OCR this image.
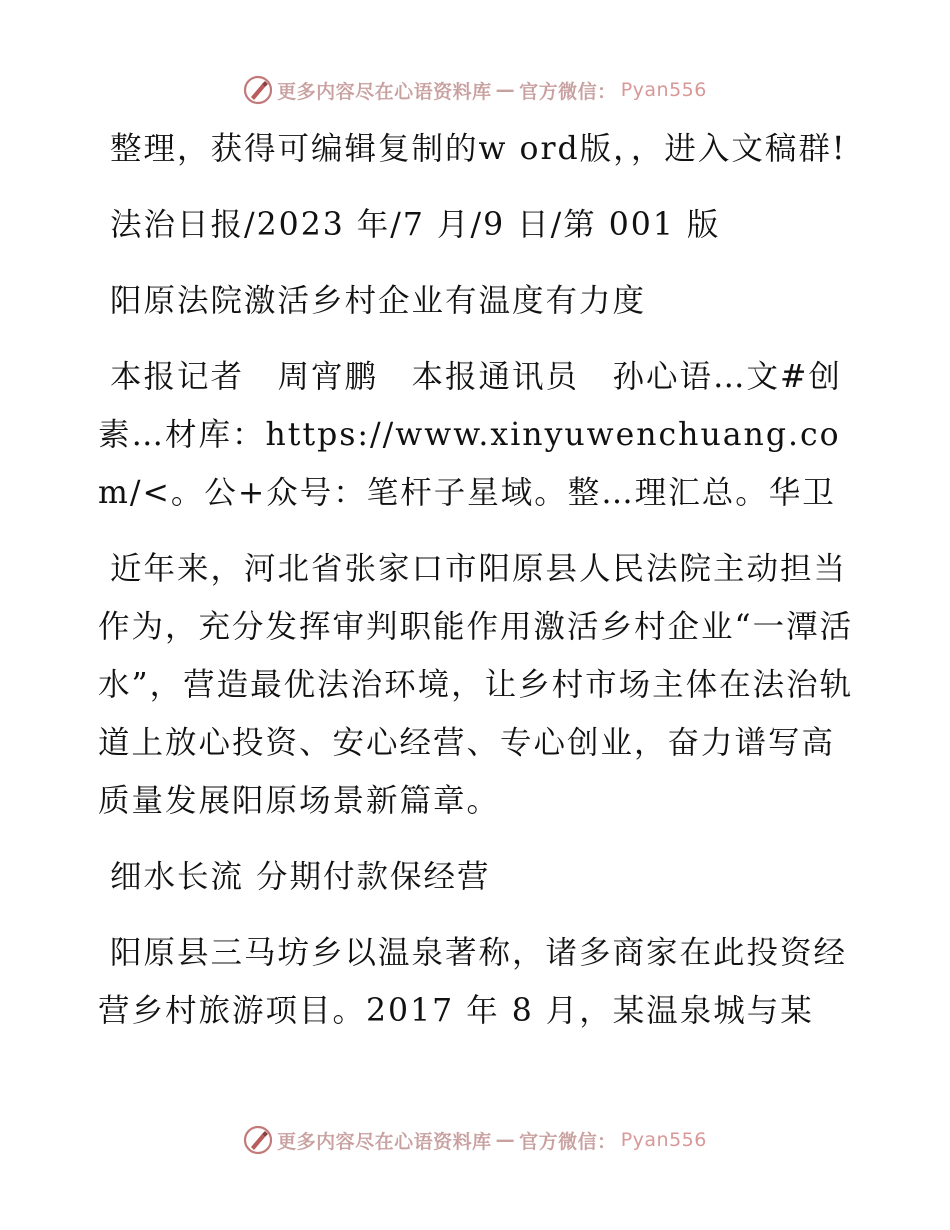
更多内容尽在心语资料库 — 官方微信： Pyan556

整理，获得可编辑复制的w ord版，，进入文稿群!

法治日报/2023 年/7 月/9 日/第 001 版

阳原法院激活乡村企业有温度有力度

本报记者　周宵鹏　本报通讯员　孙心语…文#创素…材库：https://www.xinyuwenchuang.com/<。公+众号：笔杆子星域。整…理汇总。华卫

近年来，河北省张家口市阳原县人民法院主动担当作为，充分发挥审判职能作用激活乡村企业“一潭活水”，营造最优法治环境，让乡村市场主体在法治轨道上放心投资、安心经营、专心创业，奋力谱写高质量发展阳原场景新篇章。

细水长流 分期付款保经营

阳原县三马坊乡以温泉著称，诸多商家在此投资经营乡村旅游项目。2017 年 8 月，某温泉城与某

更多内容尽在心语资料库 — 官方微信： Pyan556
